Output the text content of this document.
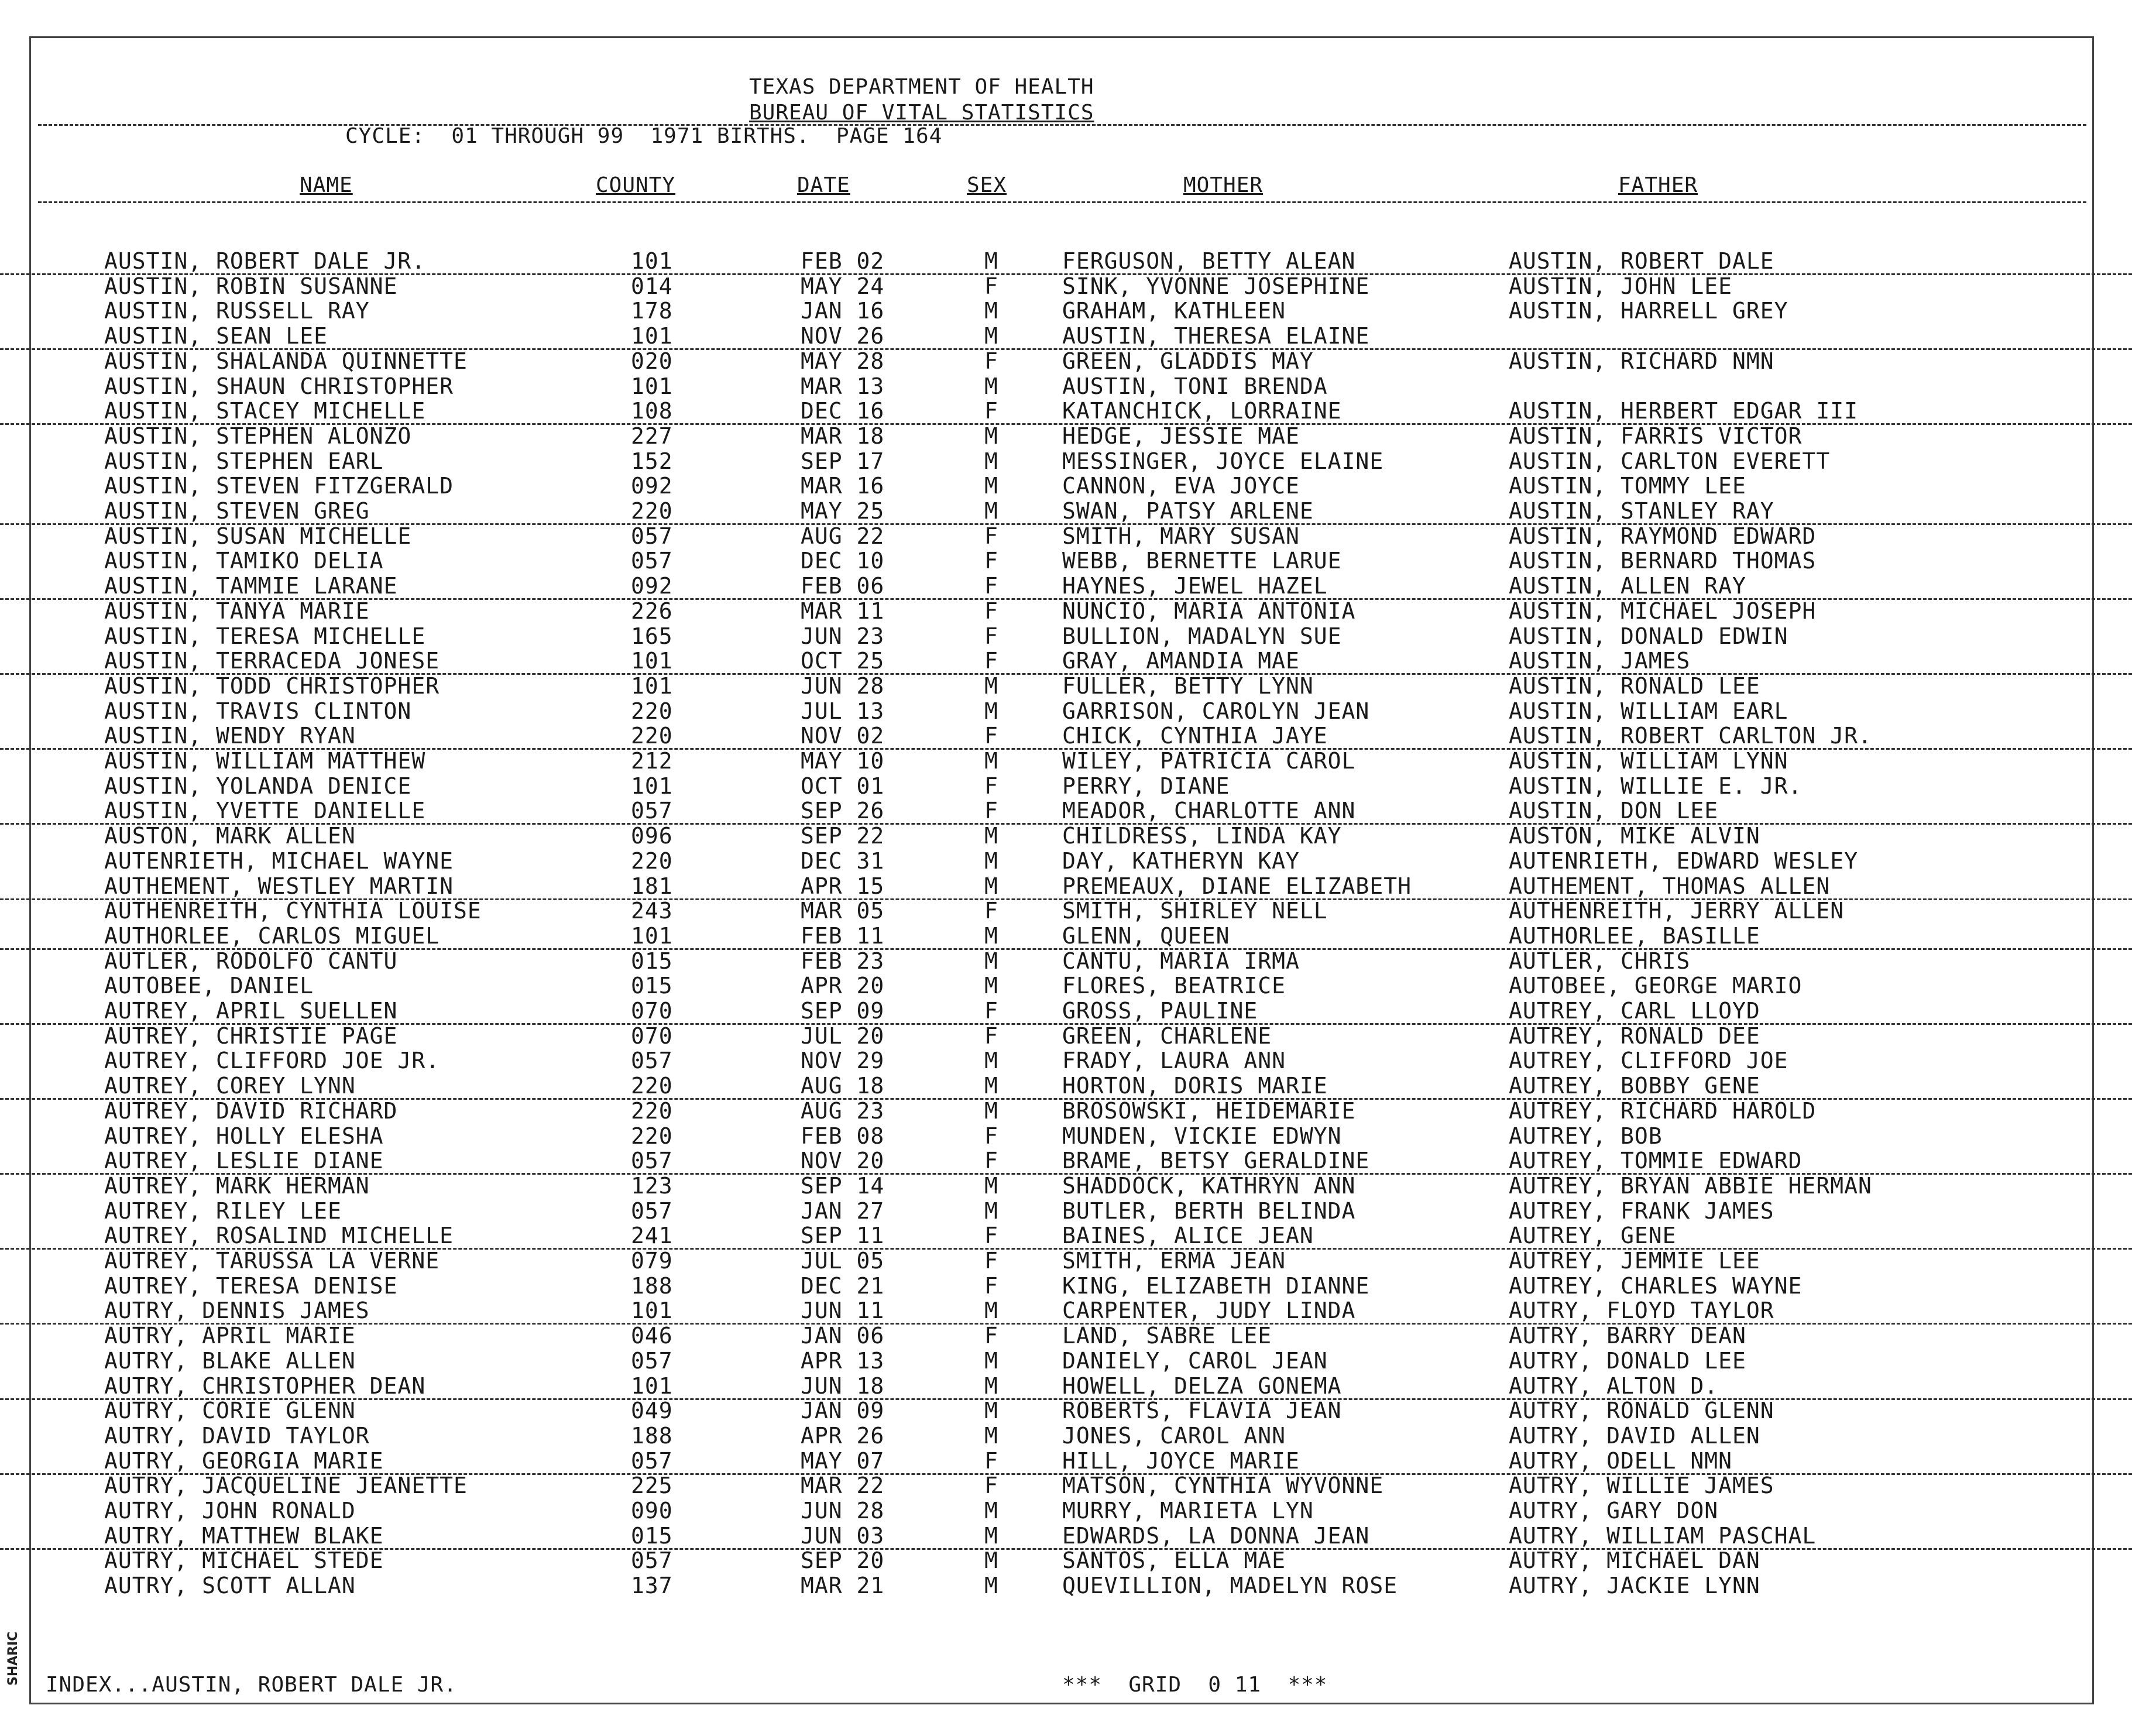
SHARIC
TEXAS DEPARTMENT OF HEALTH
BUREAU OF VITAL STATISTICS
CYCLE:  01 THROUGH 99  1971 BIRTHS.  PAGE 164
NAME	COUNTY	DATE	SEX	MOTHER	FATHER
AUSTIN, ROBERT DALE JR.	101	FEB 02	M	FERGUSON, BETTY ALEAN	AUSTIN, ROBERT DALE
AUSTIN, ROBIN SUSANNE	014	MAY 24	F	SINK, YVONNE JOSEPHINE	AUSTIN, JOHN LEE
AUSTIN, RUSSELL RAY	178	JAN 16	M	GRAHAM, KATHLEEN	AUSTIN, HARRELL GREY
AUSTIN, SEAN LEE	101	NOV 26	M	AUSTIN, THERESA ELAINE
AUSTIN, SHALANDA QUINNETTE	020	MAY 28	F	GREEN, GLADDIS MAY	AUSTIN, RICHARD NMN
AUSTIN, SHAUN CHRISTOPHER	101	MAR 13	M	AUSTIN, TONI BRENDA
AUSTIN, STACEY MICHELLE	108	DEC 16	F	KATANCHICK, LORRAINE	AUSTIN, HERBERT EDGAR III
AUSTIN, STEPHEN ALONZO	227	MAR 18	M	HEDGE, JESSIE MAE	AUSTIN, FARRIS VICTOR
AUSTIN, STEPHEN EARL	152	SEP 17	M	MESSINGER, JOYCE ELAINE	AUSTIN, CARLTON EVERETT
AUSTIN, STEVEN FITZGERALD	092	MAR 16	M	CANNON, EVA JOYCE	AUSTIN, TOMMY LEE
AUSTIN, STEVEN GREG	220	MAY 25	M	SWAN, PATSY ARLENE	AUSTIN, STANLEY RAY
AUSTIN, SUSAN MICHELLE	057	AUG 22	F	SMITH, MARY SUSAN	AUSTIN, RAYMOND EDWARD
AUSTIN, TAMIKO DELIA	057	DEC 10	F	WEBB, BERNETTE LARUE	AUSTIN, BERNARD THOMAS
AUSTIN, TAMMIE LARANE	092	FEB 06	F	HAYNES, JEWEL HAZEL	AUSTIN, ALLEN RAY
AUSTIN, TANYA MARIE	226	MAR 11	F	NUNCIO, MARIA ANTONIA	AUSTIN, MICHAEL JOSEPH
AUSTIN, TERESA MICHELLE	165	JUN 23	F	BULLION, MADALYN SUE	AUSTIN, DONALD EDWIN
AUSTIN, TERRACEDA JONESE	101	OCT 25	F	GRAY, AMANDIA MAE	AUSTIN, JAMES
AUSTIN, TODD CHRISTOPHER	101	JUN 28	M	FULLER, BETTY LYNN	AUSTIN, RONALD LEE
AUSTIN, TRAVIS CLINTON	220	JUL 13	M	GARRISON, CAROLYN JEAN	AUSTIN, WILLIAM EARL
AUSTIN, WENDY RYAN	220	NOV 02	F	CHICK, CYNTHIA JAYE	AUSTIN, ROBERT CARLTON JR.
AUSTIN, WILLIAM MATTHEW	212	MAY 10	M	WILEY, PATRICIA CAROL	AUSTIN, WILLIAM LYNN
AUSTIN, YOLANDA DENICE	101	OCT 01	F	PERRY, DIANE	AUSTIN, WILLIE E. JR.
AUSTIN, YVETTE DANIELLE	057	SEP 26	F	MEADOR, CHARLOTTE ANN	AUSTIN, DON LEE
AUSTON, MARK ALLEN	096	SEP 22	M	CHILDRESS, LINDA KAY	AUSTON, MIKE ALVIN
AUTENRIETH, MICHAEL WAYNE	220	DEC 31	M	DAY, KATHERYN KAY	AUTENRIETH, EDWARD WESLEY
AUTHEMENT, WESTLEY MARTIN	181	APR 15	M	PREMEAUX, DIANE ELIZABETH	AUTHEMENT, THOMAS ALLEN
AUTHENREITH, CYNTHIA LOUISE	243	MAR 05	F	SMITH, SHIRLEY NELL	AUTHENREITH, JERRY ALLEN
AUTHORLEE, CARLOS MIGUEL	101	FEB 11	M	GLENN, QUEEN	AUTHORLEE, BASILLE
AUTLER, RODOLFO CANTU	015	FEB 23	M	CANTU, MARIA IRMA	AUTLER, CHRIS
AUTOBEE, DANIEL	015	APR 20	M	FLORES, BEATRICE	AUTOBEE, GEORGE MARIO
AUTREY, APRIL SUELLEN	070	SEP 09	F	GROSS, PAULINE	AUTREY, CARL LLOYD
AUTREY, CHRISTIE PAGE	070	JUL 20	F	GREEN, CHARLENE	AUTREY, RONALD DEE
AUTREY, CLIFFORD JOE JR.	057	NOV 29	M	FRADY, LAURA ANN	AUTREY, CLIFFORD JOE
AUTREY, COREY LYNN	220	AUG 18	M	HORTON, DORIS MARIE	AUTREY, BOBBY GENE
AUTREY, DAVID RICHARD	220	AUG 23	M	BROSOWSKI, HEIDEMARIE	AUTREY, RICHARD HAROLD
AUTREY, HOLLY ELESHA	220	FEB 08	F	MUNDEN, VICKIE EDWYN	AUTREY, BOB
AUTREY, LESLIE DIANE	057	NOV 20	F	BRAME, BETSY GERALDINE	AUTREY, TOMMIE EDWARD
AUTREY, MARK HERMAN	123	SEP 14	M	SHADDOCK, KATHRYN ANN	AUTREY, BRYAN ABBIE HERMAN
AUTREY, RILEY LEE	057	JAN 27	M	BUTLER, BERTH BELINDA	AUTREY, FRANK JAMES
AUTREY, ROSALIND MICHELLE	241	SEP 11	F	BAINES, ALICE JEAN	AUTREY, GENE
AUTREY, TARUSSA LA VERNE	079	JUL 05	F	SMITH, ERMA JEAN	AUTREY, JEMMIE LEE
AUTREY, TERESA DENISE	188	DEC 21	F	KING, ELIZABETH DIANNE	AUTREY, CHARLES WAYNE
AUTRY, DENNIS JAMES	101	JUN 11	M	CARPENTER, JUDY LINDA	AUTRY, FLOYD TAYLOR
AUTRY, APRIL MARIE	046	JAN 06	F	LAND, SABRE LEE	AUTRY, BARRY DEAN
AUTRY, BLAKE ALLEN	057	APR 13	M	DANIELY, CAROL JEAN	AUTRY, DONALD LEE
AUTRY, CHRISTOPHER DEAN	101	JUN 18	M	HOWELL, DELZA GONEMA	AUTRY, ALTON D.
AUTRY, CORIE GLENN	049	JAN 09	M	ROBERTS, FLAVIA JEAN	AUTRY, RONALD GLENN
AUTRY, DAVID TAYLOR	188	APR 26	M	JONES, CAROL ANN	AUTRY, DAVID ALLEN
AUTRY, GEORGIA MARIE	057	MAY 07	F	HILL, JOYCE MARIE	AUTRY, ODELL NMN
AUTRY, JACQUELINE JEANETTE	225	MAR 22	F	MATSON, CYNTHIA WYVONNE	AUTRY, WILLIE JAMES
AUTRY, JOHN RONALD	090	JUN 28	M	MURRY, MARIETA LYN	AUTRY, GARY DON
AUTRY, MATTHEW BLAKE	015	JUN 03	M	EDWARDS, LA DONNA JEAN	AUTRY, WILLIAM PASCHAL
AUTRY, MICHAEL STEDE	057	SEP 20	M	SANTOS, ELLA MAE	AUTRY, MICHAEL DAN
AUTRY, SCOTT ALLAN	137	MAR 21	M	QUEVILLION, MADELYN ROSE	AUTRY, JACKIE LYNN
INDEX...AUSTIN, ROBERT DALE JR.	***  GRID  0 11  ***
